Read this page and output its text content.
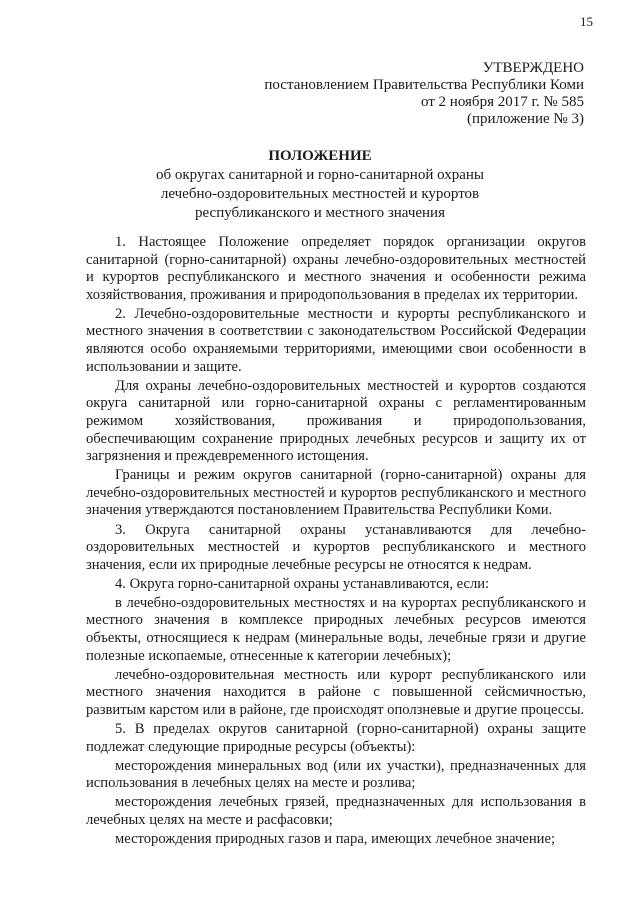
15
УТВЕРЖДЕНО
постановлением Правительства Республики Коми
от 2 ноября 2017 г. № 585
(приложение № 3)
ПОЛОЖЕНИЕ
об округах санитарной и горно-санитарной охраны
лечебно-оздоровительных местностей и курортов
республиканского и местного значения

1. Настоящее Положение определяет порядок организации округов санитарной (горно-санитарной) охраны лечебно-оздоровительных местностей и курортов республиканского и местного значения и особенности режима хозяйствования, проживания и природопользования в пределах их территории.

2. Лечебно-оздоровительные местности и курорты республиканского и местного значения в соответствии с законодательством Российской Федерации являются особо охраняемыми территориями, имеющими свои особенности в использовании и защите.

Для охраны лечебно-оздоровительных местностей и курортов создаются округа санитарной или горно-санитарной охраны с регламентированным режимом хозяйствования, проживания и природопользования, обеспечивающим сохранение природных лечебных ресурсов и защиту их от загрязнения и преждевременного истощения.

Границы и режим округов санитарной (горно-санитарной) охраны для лечебно-оздоровительных местностей и курортов республиканского и местного значения утверждаются постановлением Правительства Республики Коми.

3. Округа санитарной охраны устанавливаются для лечебно-оздоровительных местностей и курортов республиканского и местного значения, если их природные лечебные ресурсы не относятся к недрам.

4. Округа горно-санитарной охраны устанавливаются, если:

в лечебно-оздоровительных местностях и на курортах республиканского и местного значения в комплексе природных лечебных ресурсов имеются объекты, относящиеся к недрам (минеральные воды, лечебные грязи и другие полезные ископаемые, отнесенные к категории лечебных);

лечебно-оздоровительная местность или курорт республиканского или местного значения находится в районе с повышенной сейсмичностью, развитым карстом или в районе, где происходят оползневые и другие процессы.

5. В пределах округов санитарной (горно-санитарной) охраны защите подлежат следующие природные ресурсы (объекты):

месторождения минеральных вод (или их участки), предназначенных для использования в лечебных целях на месте и розлива;

месторождения лечебных грязей, предназначенных для использования в лечебных целях на месте и расфасовки;

месторождения природных газов и пара, имеющих лечебное значение;
